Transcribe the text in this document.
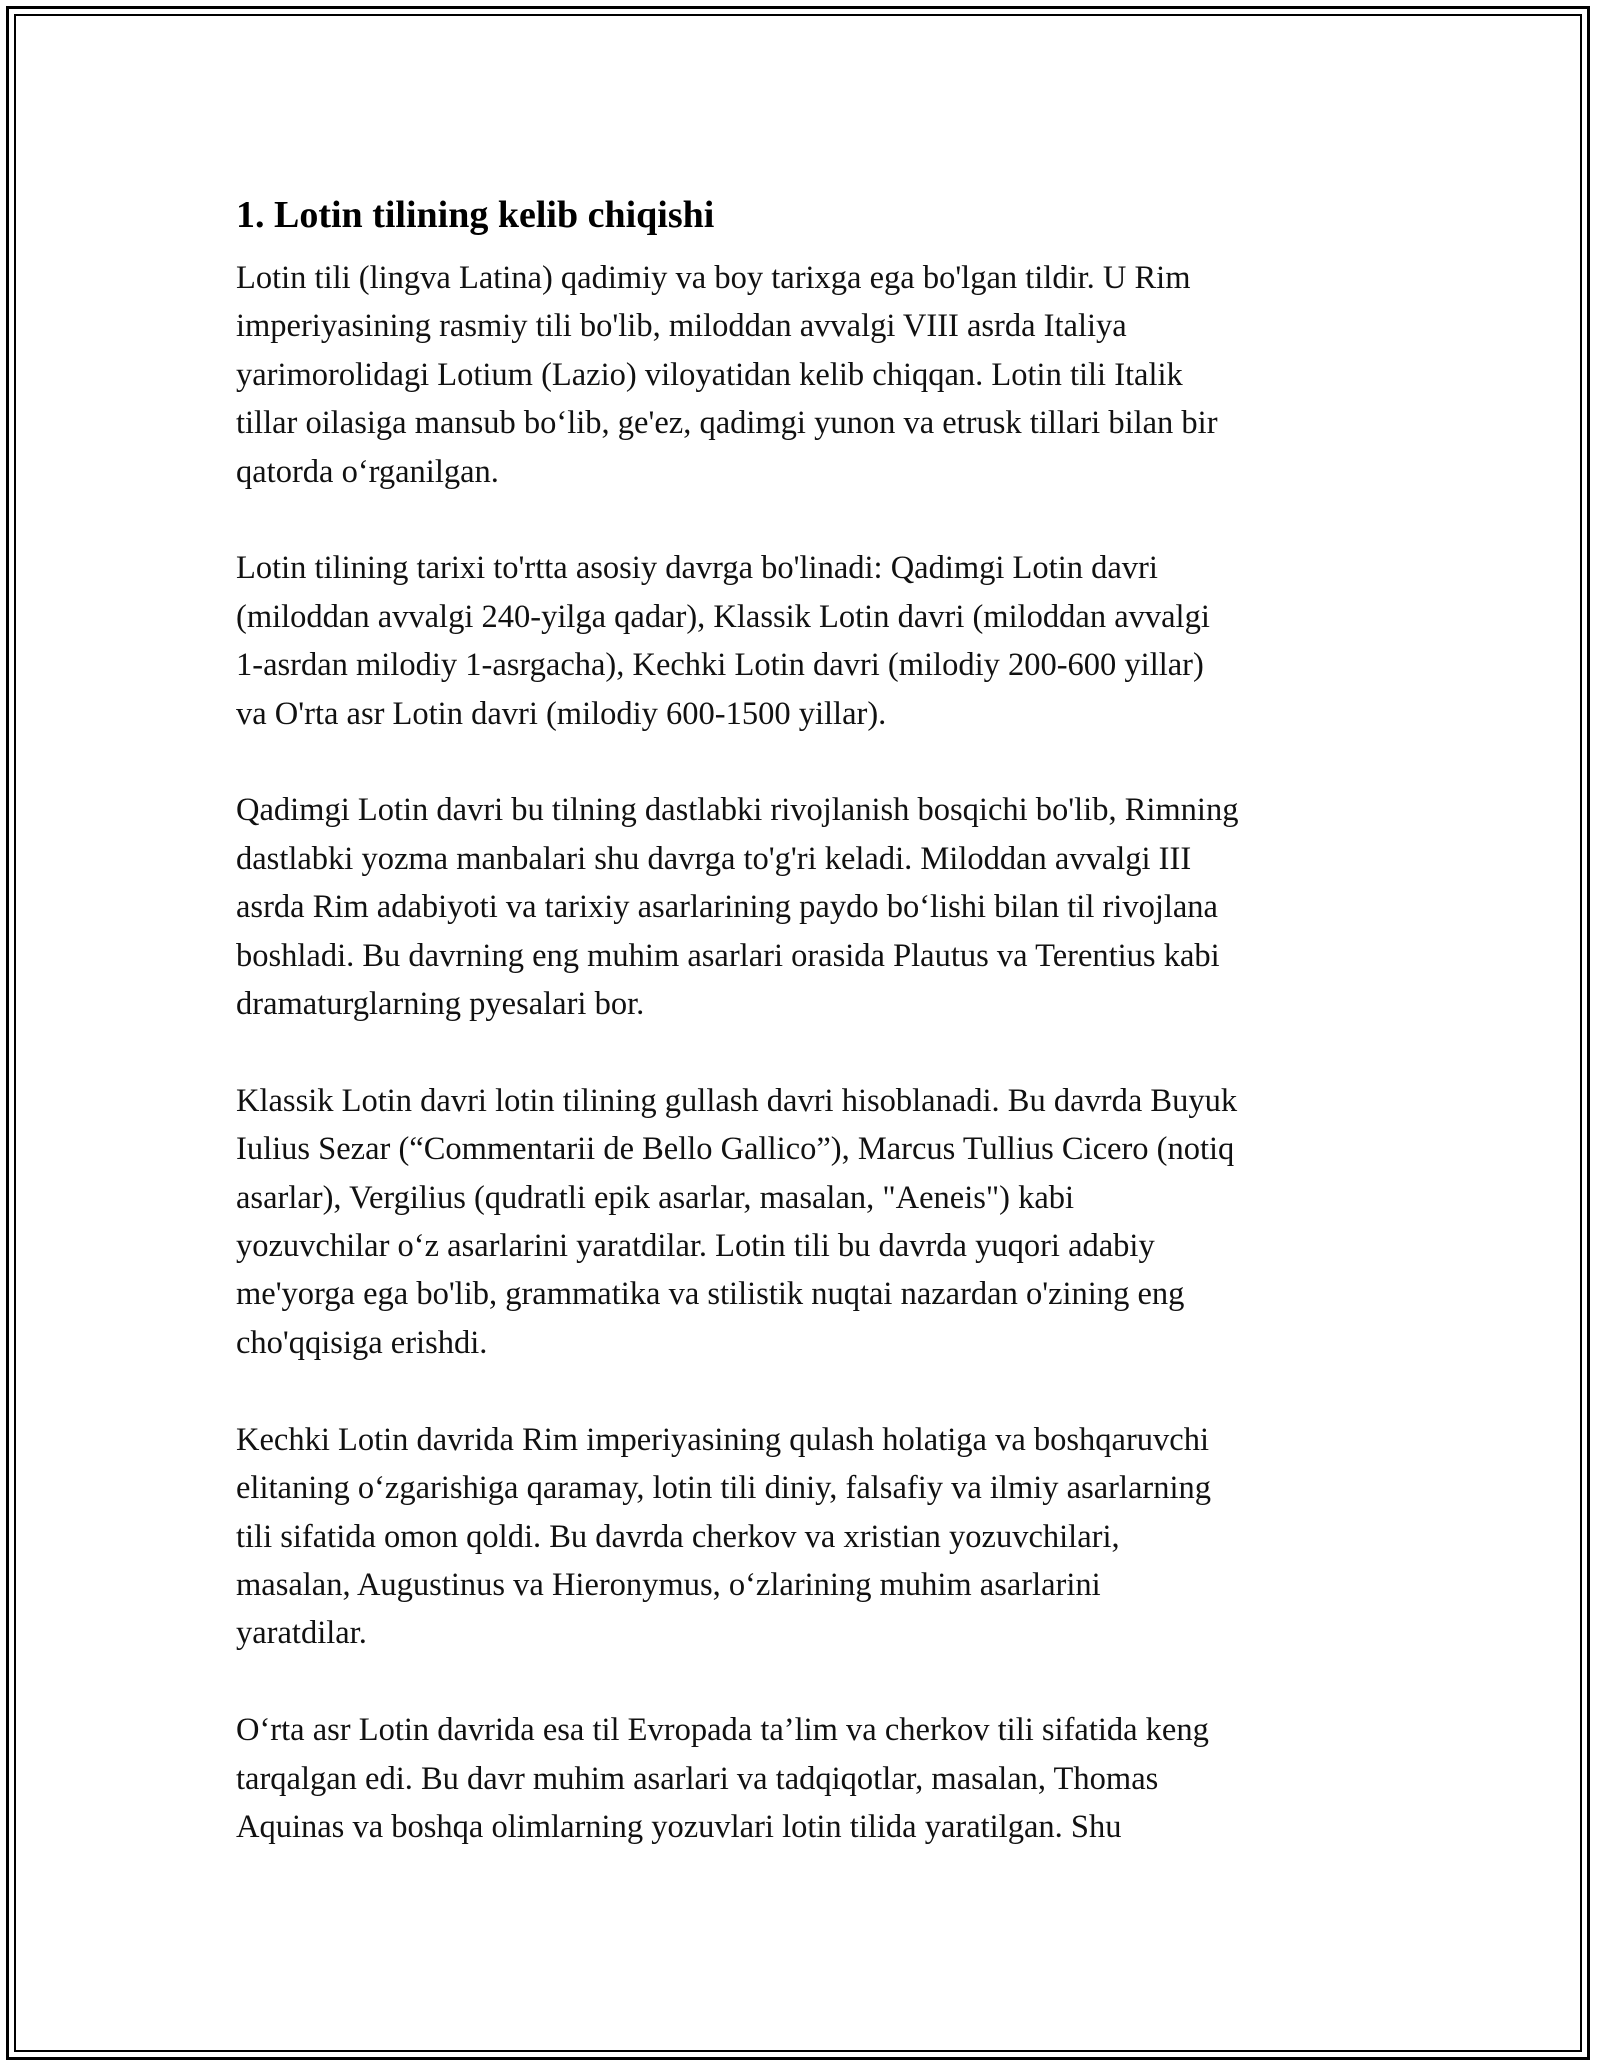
1. Lotin tilining kelib chiqishi

Lotin tili (lingva Latina) qadimiy va boy tarixga ega bo'lgan tildir. U Rim
imperiyasining rasmiy tili bo'lib, miloddan avvalgi VIII asrda Italiya
yarimorolidagi Lotium (Lazio) viloyatidan kelib chiqqan. Lotin tili Italik
tillar oilasiga mansub bo‘lib, ge'ez, qadimgi yunon va etrusk tillari bilan bir
qatorda o‘rganilgan.

Lotin tilining tarixi to'rtta asosiy davrga bo'linadi: Qadimgi Lotin davri
(miloddan avvalgi 240-yilga qadar), Klassik Lotin davri (miloddan avvalgi
1-asrdan milodiy 1-asrgacha), Kechki Lotin davri (milodiy 200-600 yillar)
va O'rta asr Lotin davri (milodiy 600-1500 yillar).

Qadimgi Lotin davri bu tilning dastlabki rivojlanish bosqichi bo'lib, Rimning
dastlabki yozma manbalari shu davrga to'g'ri keladi. Miloddan avvalgi III
asrda Rim adabiyoti va tarixiy asarlarining paydo bo‘lishi bilan til rivojlana
boshladi. Bu davrning eng muhim asarlari orasida Plautus va Terentius kabi
dramaturglarning pyesalari bor.

Klassik Lotin davri lotin tilining gullash davri hisoblanadi. Bu davrda Buyuk
Iulius Sezar (“Commentarii de Bello Gallico”), Marcus Tullius Cicero (notiq
asarlar), Vergilius (qudratli epik asarlar, masalan, "Aeneis") kabi
yozuvchilar o‘z asarlarini yaratdilar. Lotin tili bu davrda yuqori adabiy
me'yorga ega bo'lib, grammatika va stilistik nuqtai nazardan o'zining eng
cho'qqisiga erishdi.

Kechki Lotin davrida Rim imperiyasining qulash holatiga va boshqaruvchi
elitaning o‘zgarishiga qaramay, lotin tili diniy, falsafiy va ilmiy asarlarning
tili sifatida omon qoldi. Bu davrda cherkov va xristian yozuvchilari,
masalan, Augustinus va Hieronymus, o‘zlarining muhim asarlarini
yaratdilar.

O‘rta asr Lotin davrida esa til Evropada ta’lim va cherkov tili sifatida keng
tarqalgan edi. Bu davr muhim asarlari va tadqiqotlar, masalan, Thomas
Aquinas va boshqa olimlarning yozuvlari lotin tilida yaratilgan. Shu
